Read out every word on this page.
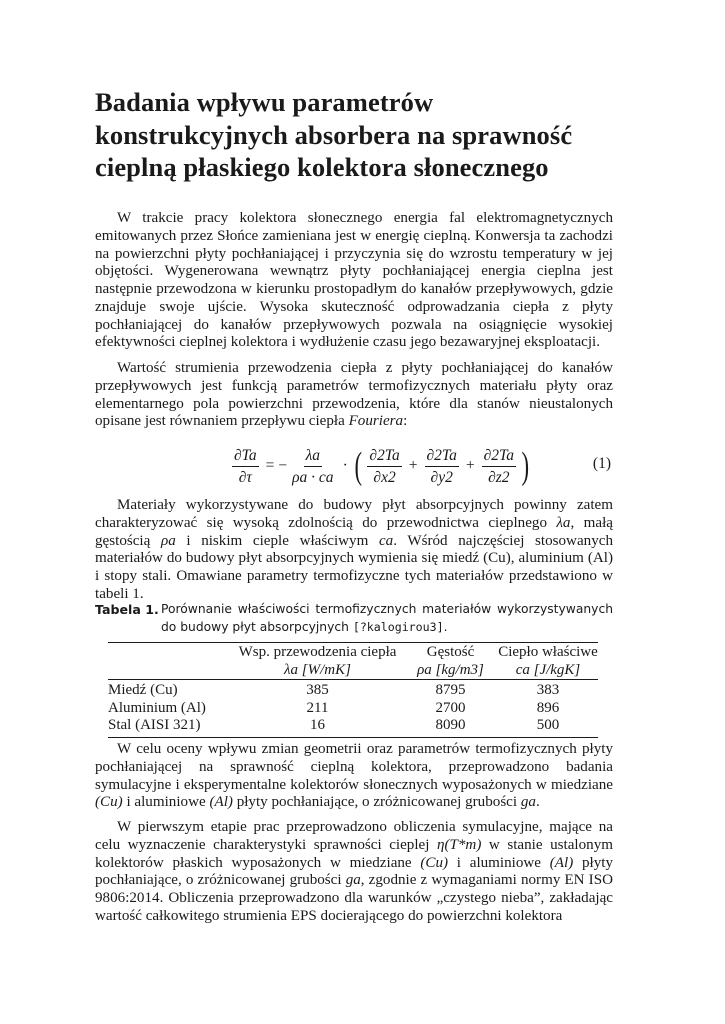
Badania wpływu parametrów
konstrukcyjnych absorbera na sprawność
cieplną płaskiego kolektora słonecznego

W trakcie pracy kolektora słonecznego energia fal elektromagnetycznych emitowanych przez Słońce zamieniana jest w energię cieplną. Konwersja ta zachodzi na powierzchni płyty pochłaniającej i przyczynia się do wzrostu temperatury w jej objętości. Wygenerowana wewnątrz płyty pochłaniającej energia cieplna jest następnie przewodzona w kierunku prostopadłym do kanałów przepływowych, gdzie znajduje swoje ujście. Wysoka skuteczność odprowadzania ciepła z płyty pochłaniającej do kanałów przepływowych pozwala na osiągnięcie wysokiej efektywności cieplnej kolektora i wydłużenie czasu jego bezawaryjnej eksploatacji.

Wartość strumienia przewodzenia ciepła z płyty pochłaniającej do kanałów przepływowych jest funkcją parametrów termofizycznych materiału płyty oraz elementarnego pola powierzchni przewodzenia, które dla stanów nieustalonych opisane jest równaniem przepływu ciepła Fouriera:

$\frac{\partial Ta}{\partial\tau}$ = − $\frac{\lambda a}{\rho a \cdot ca}$ · ( $\frac{\partial 2Ta}{\partial x2} + \frac{\partial 2Ta}{\partial y2} + \frac{\partial 2Ta}{\partial z2}$ )	(1)

Materiały wykorzystywane do budowy płyt absorpcyjnych powinny zatem charakteryzować się wysoką zdolnością do przewodnictwa cieplnego λa, małą gęstością ρa i niskim cieple właściwym ca. Wśród najczęściej stosowanych materiałów do budowy płyt absorpcyjnych wymienia się miedź (Cu), aluminium (Al) i stopy stali. Omawiane parametry termofizyczne tych materiałów przedstawiono w tabeli 1.

Tabela 1. Porównanie właściwości termofizycznych materiałów wykorzystywanych do budowy płyt absorpcyjnych [?kalogirou3].
	Wsp. przewodzenia ciepła	Gęstość	Ciepło właściwe
	λa [W/mK]	ρa [kg/m3]	ca [J/kgK]
Miedź (Cu)	385	8795	383
Aluminium (Al)	211	2700	896
Stal (AISI 321)	16	8090	500

W celu oceny wpływu zmian geometrii oraz parametrów termofizycznych płyty pochłaniającej na sprawność cieplną kolektora, przeprowadzono badania symulacyjne i eksperymentalne kolektorów słonecznych wyposażonych w miedziane (Cu) i aluminiowe (Al) płyty pochłaniające, o zróżnicowanej grubości ga.

W pierwszym etapie prac przeprowadzono obliczenia symulacyjne, mające na celu wyznaczenie charakterystyki sprawności cieplej η(T*m) w stanie ustalonym kolektorów płaskich wyposażonych w miedziane (Cu) i aluminiowe (Al) płyty pochłaniające, o zróżnicowanej grubości ga, zgodnie z wymaganiami normy EN ISO 9806:2014. Obliczenia przeprowadzono dla warunków „czystego nieba”, zakładając wartość całkowitego strumienia EPS docierającego do powierzchni kolektora
